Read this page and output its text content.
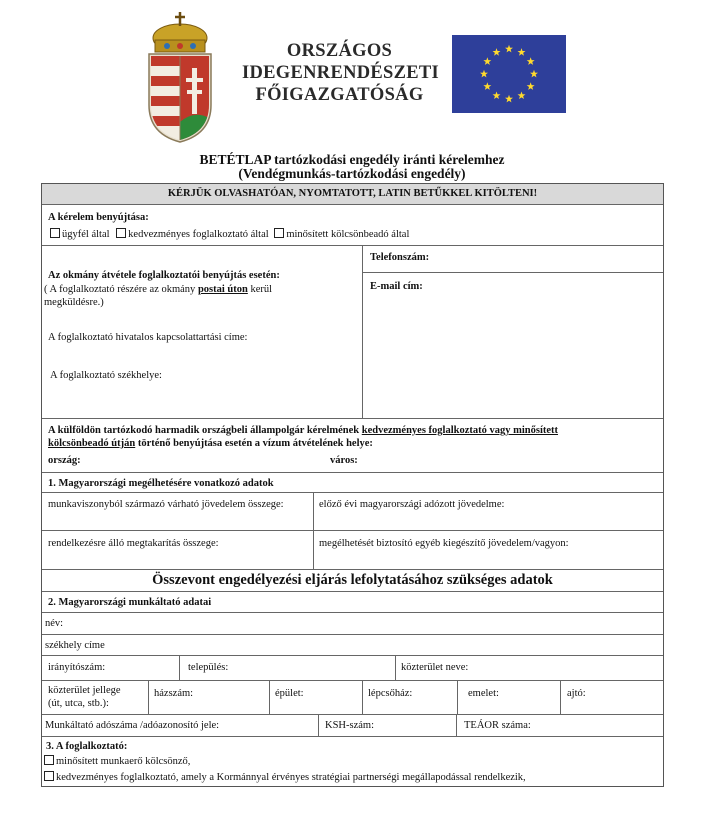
ORSZÁGOS
IDEGENRENDÉSZETI
FŐIGAZGATÓSÁG
BETÉTLAP tartózkodási engedély iránti kérelemhez
(Vendégmunkás-tartózkodási engedély)
KÉRJÜK OLVASHATÓAN, NYOMTATOTT, LATIN BETŰKKEL KITÖLTENI!
A kérelem benyújtása:
ügyfél által kedvezményes foglalkoztató által minősített kölcsönbeadó által
Az okmány átvétele foglalkoztatói benyújtás esetén:
( A foglalkoztató részére az okmány postai úton kerül
megküldésre.)
A foglalkoztató hivatalos kapcsolattartási címe:
A foglalkoztató székhelye:
Telefonszám:
E-mail cím:
A külföldön tartózkodó harmadik országbeli állampolgár kérelmének kedvezményes foglalkoztató vagy minősített
kölcsönbeadó útján történő benyújtása esetén a vízum átvételének helye:
ország:	város:
1. Magyarországi megélhetésére vonatkozó adatok
munkaviszonyból származó várható jövedelem összege:	előző évi magyarországi adózott jövedelme:
rendelkezésre álló megtakarítás összege:	megélhetését biztosító egyéb kiegészítő jövedelem/vagyon:
Összevont engedélyezési eljárás lefolytatásához szükséges adatok
2. Magyarországi munkáltató adatai
név:
székhely címe
irányítószám:	település:	közterület neve:
közterület jellege
(út, utca, stb.):
házszám:	épület:	lépcsőház:	emelet:	ajtó:
Munkáltató adószáma /adóazonosító jele:	KSH-szám:	TEÁOR száma:
3. A foglalkoztató:
minősített munkaerő kölcsönző,
kedvezményes foglalkoztató, amely a Kormánnyal érvényes stratégiai partnerségi megállapodással rendelkezik,
